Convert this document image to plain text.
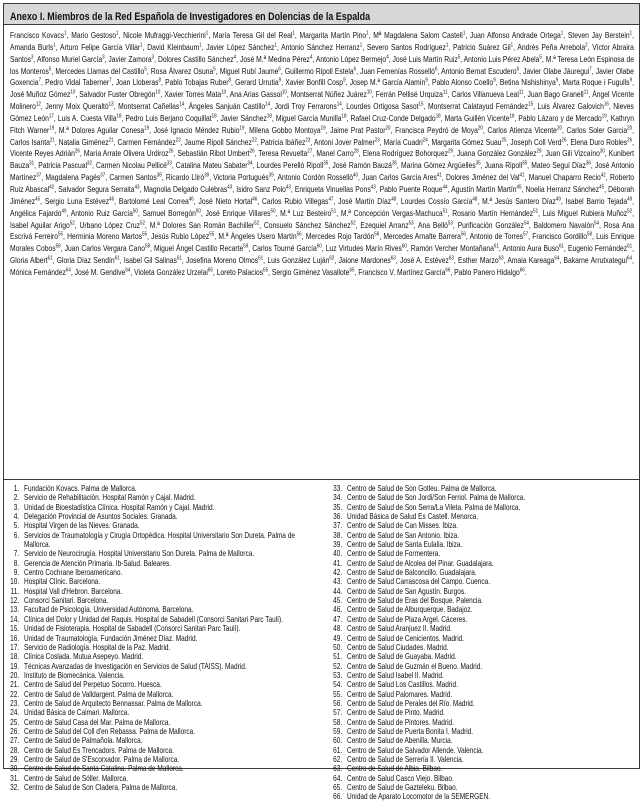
Anexo I. Miembros de la Red Española de Investigadores en Dolencias de la Espalda

Francisco Kovacs$^1$, Mario Gestoso$^1$, Nicole Mufraggi-Vecchierini$^1$, María Teresa Gil del Real$^1$, Margarita Martín Pino$^1$, Mª Magdalena Salom Castell$^1$, Juan Alfonso Andrade Ortega$^1$, Steven Jay Berstein$^1$, Amanda Burls$^1$, Arturo Felipe García Villar$^1$, David Kleinbaum$^1$, Javier López Sánchez$^1$, Antonio Sánchez Herranz$^1$, Severo Santos Rodríguez$^1$, Patricio Suárez Gil$^1$, Andrés Peña Arrebola$^2$, Víctor Abraira Santos$^3$, Alfonso Muriel García$^3$, Javier Zamora$^3$, Dolores Castillo Sánchez$^4$, José M.ª Medina Pérez$^4$, Antonio López Bermejo$^4$, José Luis Martín Ruiz$^5$, Antonio Luis Pérez Abela$^5$, M.ª Teresa León Espinosa de los Monteros$^5$, Mercedes Llamas del Castillo$^5$, Rosa Álvarez Osuna$^5$, Miguel Rubí Jaume$^6$, Guillermo Ripoll Estela$^6$, Juan Femenías Rosselló$^6$, Antonio Bernat Escudero$^6$, Javier Olabe Jáuregui$^7$, Javier Olabe Goxencia$^7$, Pedro Vidal Taberner$^7$, Joan Lloberas$^8$, Pablo Tobajas Ruber$^8$, Gerard Urrutia$^9$, Xavier Bonfill Cosp$^9$, Josep M.ª García Alamín$^9$, Pablo Alonso Coello$^9$, Betina Nishishinya$^9$, Marta Roque i Fugulls$^9$, José Muñoz Gómez$^{10}$, Salvador Fuster Obregón$^{10}$, Xavier Torres Mata$^{10}$, Ana Arias Gassol$^{10}$, Montserrat Núñez Juárez$^{10}$, Ferrán Pellisé Urquiza$^{11}$, Carlos Villanueva Leal$^{11}$, Juan Bago Granell$^{11}$, Ángel Vicente Molinero$^{12}$, Jenny Moix Queraltó$^{13}$, Montserrat Cañellas$^{14}$, Ángeles Sanjuán Castillo$^{14}$, Jordi Troy Ferrarons$^{14}$, Lourdes Ortigosa Sasot$^{15}$, Montserrat Calatayud Fernández$^{15}$, Luis Álvarez Galovich$^{16}$, Nieves Gómez León$^{17}$, Luis A. Cuesta Villa$^{18}$, Pedro Luis Berjano Coquillat$^{18}$, Javier Sánchez$^{18}$, Miguel García Munilla$^{18}$, Rafael Cruz-Conde Delgado$^{18}$, Marta Guillén Vicente$^{18}$, Pablo Lázaro y de Mercado$^{19}$, Kathryn Fitch Warner$^{19}$, M.ª Dolores Aguilar Conesa$^{19}$, José Ignacio Méndez Rubio$^{19}$, Milena Gobbo Montoya$^{19}$, Jaime Prat Pastor$^{20}$, Francisca Peydró de Moya$^{20}$, Carlos Atienza Vicente$^{20}$, Carlos Soler Garcia$^{20}$, Carlos Isanta$^{21}$, Natalia Giménez$^{21}$, Carmen Fernández$^{22}$, Jaume Ripoll Sánchez$^{22}$, Patricia Ibáñez$^{23}$, Antoni Jover Palmer$^{23}$, María Cuadri$^{24}$, Margarita Gómez Suau$^{25}$, Joseph Coll Verd$^{26}$, Elena Duro Robles$^{26}$, Vicente Reyes Adrián$^{26}$, María Arrate Olivera Urdiroz$^{26}$, Sebastián Ribot Umbert$^{26}$, Teresa Revuelta$^{27}$, Manel Carro$^{28}$, Elena Rodríguez Bohorquez$^{29}$, Juana González González$^{29}$, Juan Gili Vizcaíno$^{30}$, Kunibert Bauza$^{31}$, Patricia Pascual$^{32}$, Carmen Nicolau Pellicé$^{33}$, Catalina Mateu Sabater$^{34}$, Lourdes Perelló Ripoll$^{35}$, José Ramón Bauzá$^{35}$, Marina Gómez Argüelles$^{35}$, Juana Ripoll$^{35}$, Mateo Seguí Díaz$^{36}$, José Antonio Martínez$^{37}$, Magdalena Pagés$^{37}$, Carmen Santos$^{38}$, Ricardo Lliró$^{39}$, Victoria Portugués$^{39}$, Antonio Cordón Rosselló$^{40}$, Juan Carlos García Ares$^{41}$, Dolores Jiménez del Val$^{41}$, Manuel Chaparro Recio$^{42}$, Roberto Ruiz Abascal$^{42}$, Salvador Segura Serraita$^{43}$, Magnolia Delgado Culebras$^{43}$, Isidro Sanz Polo$^{43}$, Enriqueta Vinuellas Pons$^{43}$, Pablo Puente Roque$^{44}$, Agustín Martín Martín$^{45}$, Noelia Herranz Sánchez$^{45}$, Déborah Jiménez$^{45}$, Sergio Luna Estévez$^{46}$, Bartolomé Leal Correa$^{46}$, José Nieto Hortal$^{46}$, Carlos Rubio Villegas$^{47}$, José Martín Díaz$^{48}$, Lourdes Cossío García$^{48}$, M.ª Jesús Santero Díaz$^{49}$, Isabel Barrio Tejada$^{49}$, Angélica Fajardo$^{49}$, Antonio Ruiz García$^{50}$, Samuel Borregón$^{50}$, José Enrique Villares$^{50}$, M.ª Luz Besteiro$^{51}$, M.ª Concepción Vergas-Machuca$^{51}$, Rosario Martín Hernández$^{51}$, Luis Miguel Rubiera Muñoz$^{52}$, Isabel Aguilar Arigo$^{52}$, Urbano López Cruz$^{52}$, M.ª Dolores San Román Bachiller$^{52}$, Consuelo Sánchez Sánchez$^{52}$, Ezequiel Arranz$^{53}$, Ana Belló$^{53}$, Purificación González$^{54}$, Baldomero Navalón$^{54}$, Rosa Ana Escrivá Ferreiro$^{55}$, Herminia Moreno Martos$^{55}$, Jesús Rubio López$^{55}$, M.ª Ángeles Usero Martín$^{56}$, Mercedes Rojo Tardón$^{56}$, Mercedes Arnalte Barrera$^{56}$, Antonio de Torres$^{57}$, Francisco Gordillo$^{58}$, Luis Enrique Morales Cobos$^{58}$, Juan Carlos Vergara Cano$^{58}$, Miguel Ángel Castillo Recarte$^{59}$, Carlos Tourné García$^{60}$, Luz Virtudes Marín Rives$^{60}$, Ramón Vercher Montañana$^{61}$, Antonio Aura Buso$^{61}$, Eugenio Fernández$^{61}$, Gloria Albert$^{61}$, Gloria Díaz Sendín$^{61}$, Isabel Gil Salinas$^{61}$, Josefina Moreno Olmos$^{61}$, Luis González Luján$^{62}$, Jaione Mardones$^{63}$, José A. Estévez$^{63}$, Esther Marzo$^{63}$, Amaia Kareaga$^{64}$, Bakarne Arrutxategui$^{64}$, Mónica Fernández$^{64}$, José M. Gendive$^{64}$, Violeta González Urzelai$^{65}$, Loreto Palacios$^{65}$, Sergio Giménez Vasallote$^{65}$, Francisco V. Martínez García$^{66}$, Pablo Panero Hidalgo$^{66}$.

1. Fundación Kovacs. Palma de Mallorca.
2. Servicio de Rehabilitación. Hospital Ramón y Cajal. Madrid.
3. Unidad de Bioestadística Clínica. Hospital Ramón y Cajal. Madrid.
4. Delegación Provincial de Asuntos Sociales. Granada.
5. Hospital Virgen de las Nieves. Granada.
6. Servicios de Traumatología y Cirugía Ortopédica. Hospital Universitario Son Dureta. Palma de Mallorca.
7. Servicio de Neurocirugía. Hospital Universitario Son Dureta. Palma de Mallorca.
8. Gerencia de Atención Primaria. Ib-Salud. Baleares.
9. Centro Cochrane Iberoamericano.
10. Hospital Clínic. Barcelona.
11. Hospital Vall d'Hebron. Barcelona.
12. Consorci Sanitari. Barcelona.
13. Facultad de Psicología. Universidad Autónoma. Barcelona.
14. Clínica del Dolor y Unidad del Raquis. Hospital de Sabadell (Consorci Sanitari Parc Taulí).
15. Unidad de Fisioterapia. Hospital de Sabadell (Consorci Sanitari Parc Taulí).
16. Unidad de Traumatología. Fundación Jiménez Díaz. Madrid.
17. Servicio de Radiología. Hospital de la Paz. Madrid.
18. Clínica Coslada. Mutua Asepeyo. Madrid.
19. Técnicas Avanzadas de Investigación en Servicios de Salud (TAISS). Madrid.
20. Instituto de Biomecánica. Valencia.
21. Centro de Salud del Perpetuo Socorro. Huesca.
22. Centro de Salud de Valldargent. Palma de Mallorca.
23. Centro de Salud de Arquitecto Bennassar. Palma de Mallorca.
24. Unidad Básica de Caimari. Mallorca.
25. Centro de Salud Casa del Mar. Palma de Mallorca.
26. Centro de Salud del Coll d'en Rebassa. Palma de Mallorca.
27. Centro de Salud de Palmañola. Mallorca.
28. Centro de Salud Es Trencadors. Palma de Mallorca.
29. Centro de Salud de S'Escorxador. Palma de Mallorca.
30. Centro de Salud de Santa Catalina. Palma de Mallorca.
31. Centro de Salud de Sóller. Mallorca.
32. Centro de Salud de Son Cladera. Palma de Mallorca.
33. Centro de Salud de Son Gotleu. Palma de Mallorca.
34. Centro de Salud de Son Jordi/Son Ferriol. Palma de Mallorca.
35. Centro de Salud de Son Serra/La Vileta. Palma de Mallorca.
36. Unidad Básica de Salud Es Castell. Menorca.
37. Centro de Salud de Can Misses. Ibiza.
38. Centro de Salud de San Antonio. Ibiza.
39. Centro de Salud de Santa Eulalia. Ibiza.
40. Centro de Salud de Formentera.
41. Centro de Salud de Alcolea del Pinar. Guadalajara.
42. Centro de Salud de Balconcillo. Guadalajara.
43. Centro de Salud Carrascosa del Campo. Cuenca.
44. Centro de Salud de San Agustín. Burgos.
45. Centro de Salud de Eras del Bosque. Palencia.
46. Centro de Salud de Alburquerque. Badajoz.
47. Centro de Salud de Plaza Argel. Cáceres.
48. Centro de Salud Aranjuez II. Madrid.
49. Centro de Salud de Cenicientos. Madrid.
50. Centro de Salud Ciudades. Madrid.
51. Centro de Salud de Guayaba. Madrid.
52. Centro de Salud de Guzmán el Bueno. Madrid.
53. Centro de Salud Isabel II. Madrid.
54. Centro de Salud Los Castillos. Madrid.
55. Centro de Salud Palomares. Madrid.
56. Centro de Salud de Perales del Río. Madrid.
57. Centro de Salud de Pinto. Madrid.
58. Centro de Salud de Pintores. Madrid.
59. Centro de Salud de Puerta Bonita I. Madrid.
60. Centro de Salud de Abenilla. Murcia.
61. Centro de Salud de Salvador Allende. Valencia.
62. Centro de Salud de Serrería II. Valencia.
63. Centro de Salud de Albia. Bilbao.
64. Centro de Salud Casco Viejo. Bilbao.
65. Centro de Salud de Gazteleku. Bilbao.
66. Unidad de Aparato Locomotor de la SEMERGEN.
